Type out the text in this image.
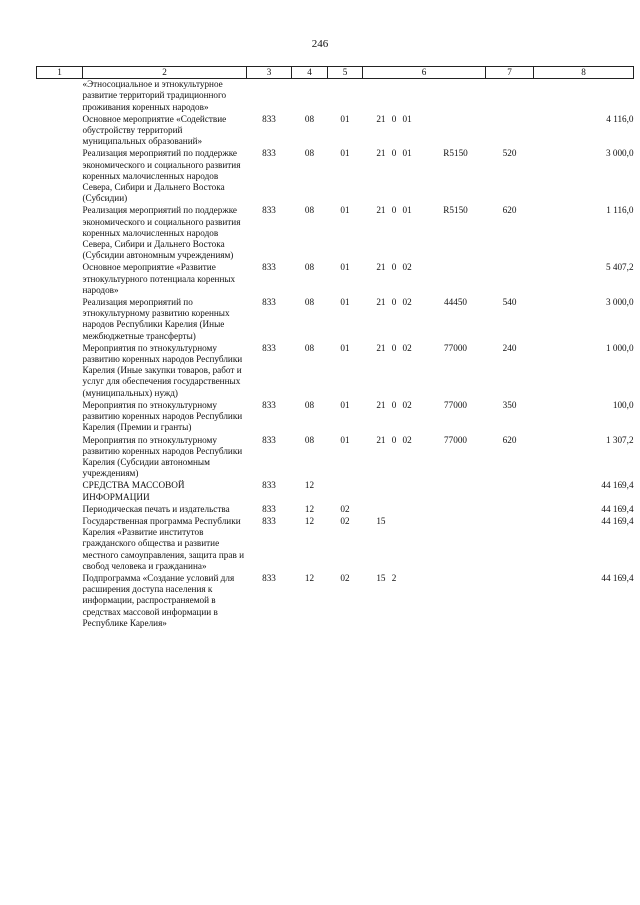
246
1	2	3	4	5	6				7	8
	«Этносоциальное и этнокультурное развитие территорий традиционного проживания коренных народов»									
	Основное мероприятие «Содействие обустройству территорий муниципальных образований»	833	08	01	21	0	01			4 116,0
	Реализация мероприятий по поддержке экономического и социального развития коренных малочисленных народов Севера, Сибири и Дальнего Востока (Субсидии)	833	08	01	21	0	01	R5150	520	3 000,0
	Реализация мероприятий по поддержке экономического и социального развития коренных малочисленных народов Севера, Сибири и Дальнего Востока (Субсидии автономным учреждениям)	833	08	01	21	0	01	R5150	620	1 116,0
	Основное мероприятие «Развитие этнокультурного потенциала коренных народов»	833	08	01	21	0	02			5 407,2
	Реализация мероприятий по этнокультурному развитию коренных народов Республики Карелия (Иные межбюджетные трансферты)	833	08	01	21	0	02	44450	540	3 000,0
	Мероприятия по этнокультурному развитию коренных народов Республики Карелия (Иные закупки товаров, работ и услуг для обеспечения государственных (муниципальных) нужд)	833	08	01	21	0	02	77000	240	1 000,0
	Мероприятия по этнокультурному развитию коренных народов Республики Карелия (Премии и гранты)	833	08	01	21	0	02	77000	350	100,0
	Мероприятия по этнокультурному развитию коренных народов Республики Карелия (Субсидии автономным учреждениям)	833	08	01	21	0	02	77000	620	1 307,2
	СРЕДСТВА МАССОВОЙ ИНФОРМАЦИИ	833	12							44 169,4
	Периодическая печать и издательства	833	12	02						44 169,4
	Государственная программа Республики Карелия «Развитие институтов гражданского общества и развитие местного самоуправления, защита прав и свобод человека и гражданина»	833	12	02	15					44 169,4
	Подпрограмма «Создание условий для расширения доступа населения к информации, распространяемой в средствах массовой информации в Республике Карелия»	833	12	02	15	2				44 169,4
